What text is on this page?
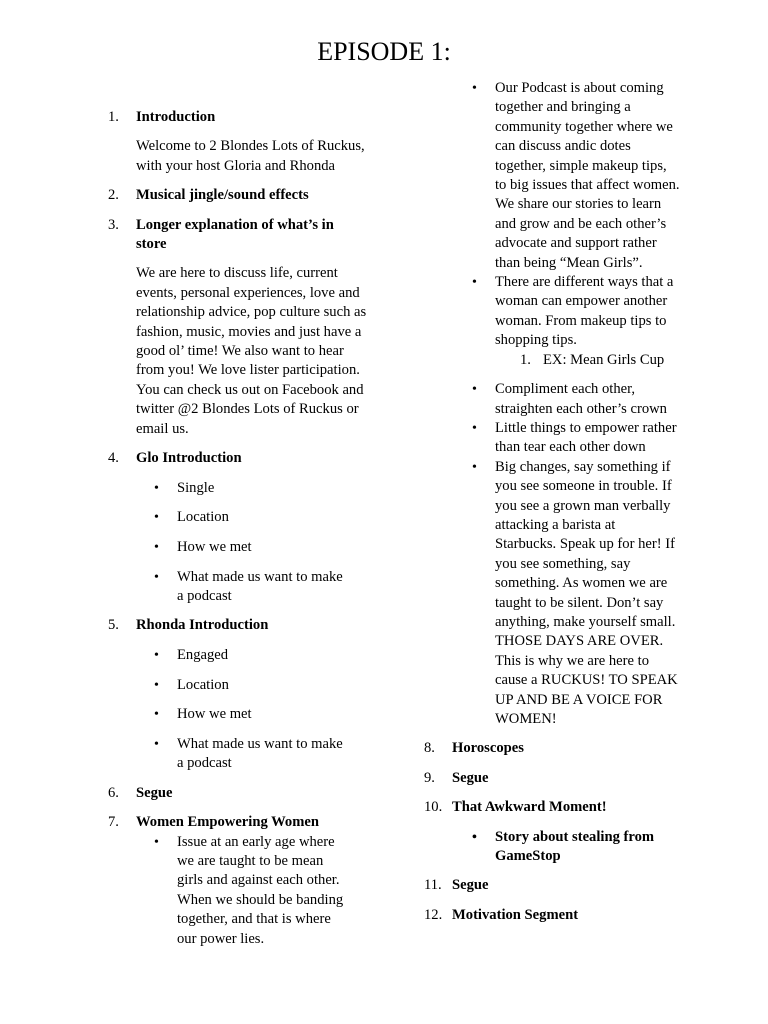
EPISODE 1:
1.	Introduction
Welcome to 2 Blondes Lots of Ruckus, with your host Gloria and Rhonda
2.	Musical jingle/sound effects
3.	Longer explanation of what’s in store
We are here to discuss life, current events, personal experiences, love and relationship advice, pop culture such as fashion, music, movies and just have a good ol’ time! We also want to hear from you! We love lister participation. You can check us out on Facebook and twitter @2 Blondes Lots of Ruckus or email us.
4.	Glo Introduction
• Single
• Location
• How we met
• What made us want to make a podcast
5.	Rhonda Introduction
• Engaged
• Location
• How we met
• What made us want to make a podcast
6.	Segue
7.	Women Empowering Women
• Issue at an early age where we are taught to be mean girls and against each other. When we should be banding together, and that is where our power lies.
• Our Podcast is about coming together and bringing a community together where we can discuss andic dotes together, simple makeup tips, to big issues that affect women. We share our stories to learn and grow and be each other’s advocate and support rather than being “Mean Girls”.
• There are different ways that a woman can empower another woman. From makeup tips to shopping tips.
1. EX: Mean Girls Cup
• Compliment each other, straighten each other’s crown
• Little things to empower rather than tear each other down
• Big changes, say something if you see someone in trouble. If you see a grown man verbally attacking a barista at Starbucks. Speak up for her! If you see something, say something. As women we are taught to be silent. Don’t say anything, make yourself small. THOSE DAYS ARE OVER. This is why we are here to cause a RUCKUS! TO SPEAK UP AND BE A VOICE FOR WOMEN!
8.	Horoscopes
9.	Segue
10. That Awkward Moment!
• Story about stealing from GameStop
11. Segue
12. Motivation Segment
